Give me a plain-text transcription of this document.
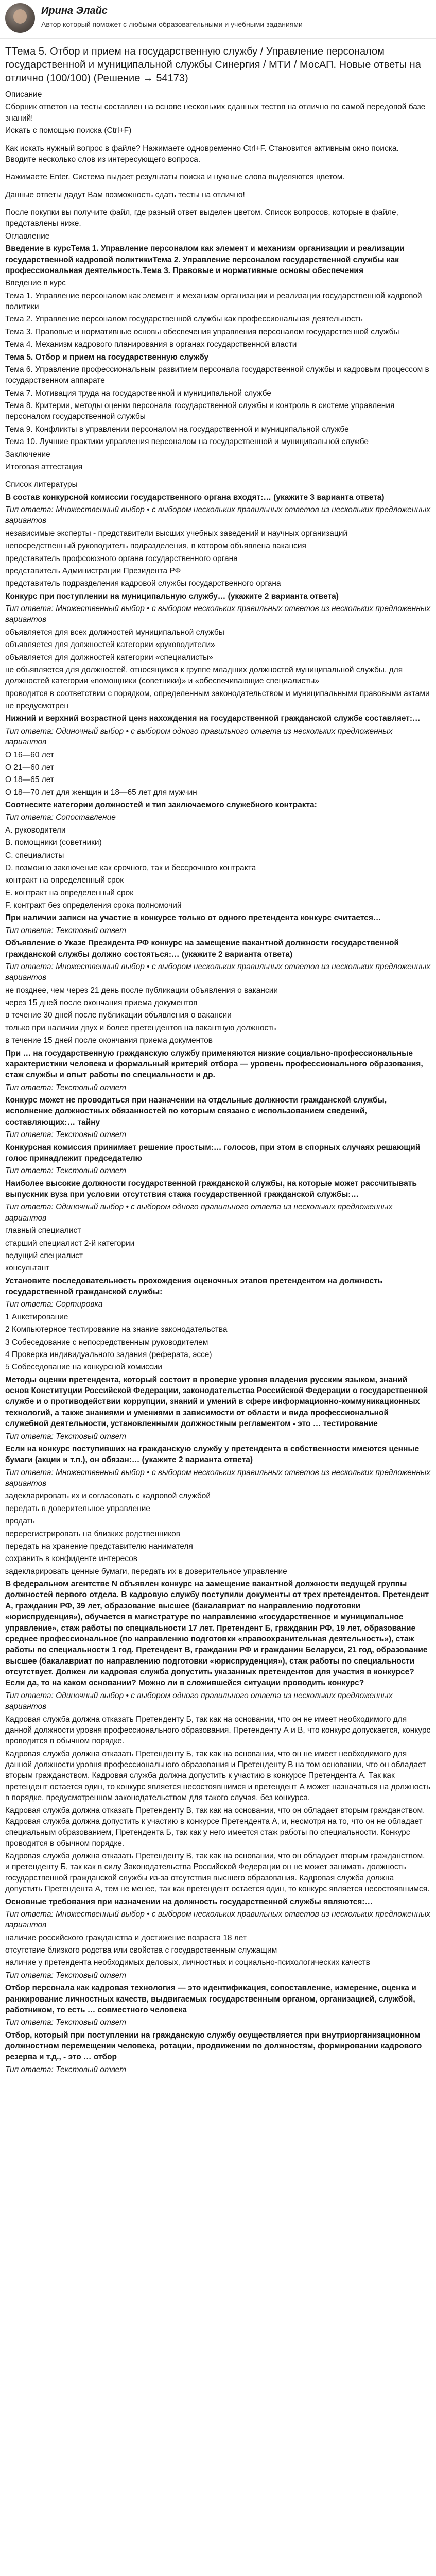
Ирина Элайс
Автор который поможет с любыми образовательными и учебными заданиями
ТТема 5. Отбор и прием на государственную службу / Управление персоналом государственной и муниципальной службы Синергия / МТИ / МосАП. Новые ответы на отлично (100/100) (Решение → 54173)

Описание

Сборник ответов на тесты составлен на основе нескольких сданных тестов на отлично по самой передовой базе знаний!

Искать с помощью поиска (Ctrl+F)

Как искать нужный вопрос в файле? Нажимаете одновременно Ctrl+F. Становится активным окно поиска. Вводите несколько слов из интересующего вопроса.

Нажимаете Enter. Система выдает результаты поиска и нужные слова выделяются цветом.

Данные ответы дадут Вам возможность сдать тесты на отлично!

После покупки вы получите файл, где разный ответ выделен цветом. Список вопросов, которые в файле, представлены ниже.

Оглавление

Введение в курсТема 1. Управление персоналом как элемент и механизм организации и реализации государственной кадровой политикиТема 2. Управление персоналом государственной службы как профессиональная деятельность.Тема 3. Правовые и нормативные основы обеспечения

Введение в курс

Тема 1. Управление персоналом как элемент и механизм организации и реализации государственной кадровой политики

Тема 2. Управление персоналом государственной службы как профессиональная деятельность

Тема 3. Правовые и нормативные основы обеспечения управления персоналом государственной службы

Тема 4. Механизм кадрового планирования в органах государственной власти

Тема 5. Отбор и прием на государственную службу

Тема 6. Управление профессиональным развитием персонала государственной службы и кадровым процессом в государственном аппарате

Тема 7. Мотивация труда на государственной и муниципальной службе

Тема 8. Критерии, методы оценки персонала государственной службы и контроль в системе управления персоналом государственной службы

Тема 9. Конфликты в управлении персоналом на государственной и муниципальной службе

Тема 10. Лучшие практики управления персоналом на государственной и муниципальной службе

Заключение

Итоговая аттестация

Список литературы

В состав конкурсной комиссии государственного органа входят:… (укажите 3 варианта ответа)

Тип ответа: Множественный выбор • с выбором нескольких правильных ответов из нескольких предложенных вариантов

независимые эксперты - представители высших учебных заведений и научных организаций

непосредственный руководитель подразделения, в котором объявлена вакансия

представитель профсоюзного органа государственного органа

представитель Администрации Президента РФ

представитель подразделения кадровой службы государственного органа

Конкурс при поступлении на муниципальную службу… (укажите 2 варианта ответа)

Тип ответа: Множественный выбор • с выбором нескольких правильных ответов из нескольких предложенных вариантов

объявляется для всех должностей муниципальной службы

объявляется для должностей категории «руководители»

объявляется для должностей категории «специалисты»

не объявляется для должностей, относящихся к группе младших должностей муниципальной службы, для должностей категории «помощники (советники)» и «обеспечивающие специалисты»

проводится в соответствии с порядком, определенным законодательством и муниципальными правовыми актами

не предусмотрен

Нижний и верхний возрастной ценз нахождения на государственной гражданской службе составляет:…

Тип ответа: Одиночный выбор • с выбором одного правильного ответа из нескольких предложенных вариантов

О 16—60 лет

О 21—60 лет

О 18—65 лет

О 18—70 лет для женщин и 18—65 лет для мужчин

Соотнесите категории должностей и тип заключаемого служебного контракта:

Тип ответа: Сопоставление

A. руководители

B. помощники (советники)

C. специалисты

D. возможно заключение как срочного, так и бессрочного контракта

контракт на определенный срок

E. контракт на определенный срок

F. контракт без определения срока полномочий

При наличии записи на участие в конкурсе только от одного претендента конкурс считается…

Тип ответа: Текстовый ответ

Объявление о Указе Президента РФ конкурс на замещение вакантной должности государственной гражданской службы должно состояться:… (укажите 2 варианта ответа)

Тип ответа: Множественный выбор • с выбором нескольких правильных ответов из нескольких предложенных вариантов

не позднее, чем через 21 день после публикации объявления о вакансии

через 15 дней после окончания приема документов

в течение 30 дней после публикации объявления о вакансии

только при наличии двух и более претендентов на вакантную должность

в течение 15 дней после окончания приема документов

При … на государственную гражданскую службу применяются низкие социально-профессиональные характеристики человека и формальный критерий отбора — уровень профессионального образования, стаж службы и опыт работы по специальности и др.

Тип ответа: Текстовый ответ

Конкурс может не проводиться при назначении на отдельные должности гражданской службы, исполнение должностных обязанностей по которым связано с использованием сведений, составляющих:… тайну

Тип ответа: Текстовый ответ

Конкурсная комиссия принимает решение простым:… голосов, при этом в спорных случаях решающий голос принадлежит председателю

Тип ответа: Текстовый ответ

Наиболее высокие должности государственной гражданской службы, на которые может рассчитывать выпускник вуза при условии отсутствия стажа государственной гражданской службы:…

Тип ответа: Одиночный выбор • с выбором одного правильного ответа из нескольких предложенных вариантов

главный специалист

старший специалист 2-й категории

ведущий специалист

консультант

Установите последовательность прохождения оценочных этапов претендентом на должность государственной гражданской службы:

Тип ответа: Сортировка

1 Анкетирование

2 Компьютерное тестирование на знание законодательства

3 Собеседование с непосредственным руководителем

4 Проверка индивидуального задания (реферата, эссе)

5 Собеседование на конкурсной комиссии

Методы оценки претендента, который состоит в проверке уровня владения русским языком, знаний основ Конституции Российской Федерации, законодательства Российской Федерации о государственной службе и о противодействии коррупции, знаний и умений в сфере информационно-коммуникационных технологий, а также знаниями и умениями в зависимости от области и вида профессиональной служебной деятельности, установленными должностным регламентом - это … тестирование

Тип ответа: Текстовый ответ

Если на конкурс поступивших на гражданскую службу у претендента в собственности имеются ценные бумаги (акции и т.п.), он обязан:… (укажите 2 варианта ответа)

Тип ответа: Множественный выбор • с выбором нескольких правильных ответов из нескольких предложенных вариантов

задекларировать их и согласовать с кадровой службой

передать в доверительное управление

продать

перерегистрировать на близких родственников

передать на хранение представителю нанимателя

сохранить в конфиденте интересов

задекларировать ценные бумаги, передать их в доверительное управление

В федеральном агентстве N объявлен конкурс на замещение вакантной должности ведущей группы должностей первого отдела. В кадровую службу поступили документы от трех претендентов. Претендент А, гражданин РФ, 39 лет, образование высшее (бакалавриат по направлению подготовки «юриспруденция»), обучается в магистратуре по направлению «государственное и муниципальное управление», стаж работы по специальности 17 лет. Претендент Б, гражданин РФ, 19 лет, образование среднее профессиональное (по направлению подготовки «правоохранительная деятельность»), стаж работы по специальности 1 год. Претендент В, гражданин РФ и гражданин Беларуси, 21 год, образование высшее (бакалавриат по направлению подготовки «юриспруденция»), стаж работы по специальности отсутствует. Должен ли кадровая служба допустить указанных претендентов для участия в конкурсе? Если да, то на каком основании? Можно ли в сложившейся ситуации проводить конкурс?

Тип ответа: Одиночный выбор • с выбором одного правильного ответа из нескольких предложенных вариантов

Кадровая служба должна отказать Претенденту Б, так как на основании, что он не имеет необходимого для данной должности уровня профессионального образования. Претенденту А и В, что конкурс допускается, конкурс проводится в обычном порядке.

Кадровая служба должна отказать Претенденту Б, так как на основании, что он не имеет необходимого для данной должности уровня профессионального образования и Претенденту В на том основании, что он обладает вторым гражданством. Кадровая служба должна допустить к участию в конкурсе Претендента А. Так как претендент остается один, то конкурс является несостоявшимся и претендент А может назначаться на должность в порядке, предусмотренном законодательством для такого случая, без конкурса.

Кадровая служба должна отказать Претенденту В, так как на основании, что он обладает вторым гражданством. Кадровая служба должна допустить к участию в конкурсе Претендента А, и, несмотря на то, что он не обладает специальным образованием, Претендента Б, так как у него имеется стаж работы по специальности. Конкурс проводится в обычном порядке.

Кадровая служба должна отказать Претенденту В, так как на основании, что он обладает вторым гражданством, и претенденту Б, так как в силу Законодательства Российской Федерации он не может занимать должность государственной гражданской службы из-за отсутствия высшего образования. Кадровая служба должна допустить Претендента А, тем не менее, так как претендент остается один, то конкурс является несостоявшимся.

Основные требования при назначении на должность государственной службы являются:…

Тип ответа: Множественный выбор • с выбором нескольких правильных ответов из нескольких предложенных вариантов

наличие российского гражданства и достижение возраста 18 лет

отсутствие близкого родства или свойства с государственным служащим

наличие у претендента необходимых деловых, личностных и социально-психологических качеств

Тип ответа: Текстовый ответ

Отбор персонала как кадровая технология — это идентификация, сопоставление, измерение, оценка и ранжирование личностных качеств, выдвигаемых государственным органом, организацией, службой, работником, то есть … совместного человека

Тип ответа: Текстовый ответ

Отбор, который при поступлении на гражданскую службу осуществляется при внутриорганизационном должностном перемещении человека, ротации, продвижении по должностям, формировании кадрового резерва и т.д., - это … отбор

Тип ответа: Текстовый ответ
